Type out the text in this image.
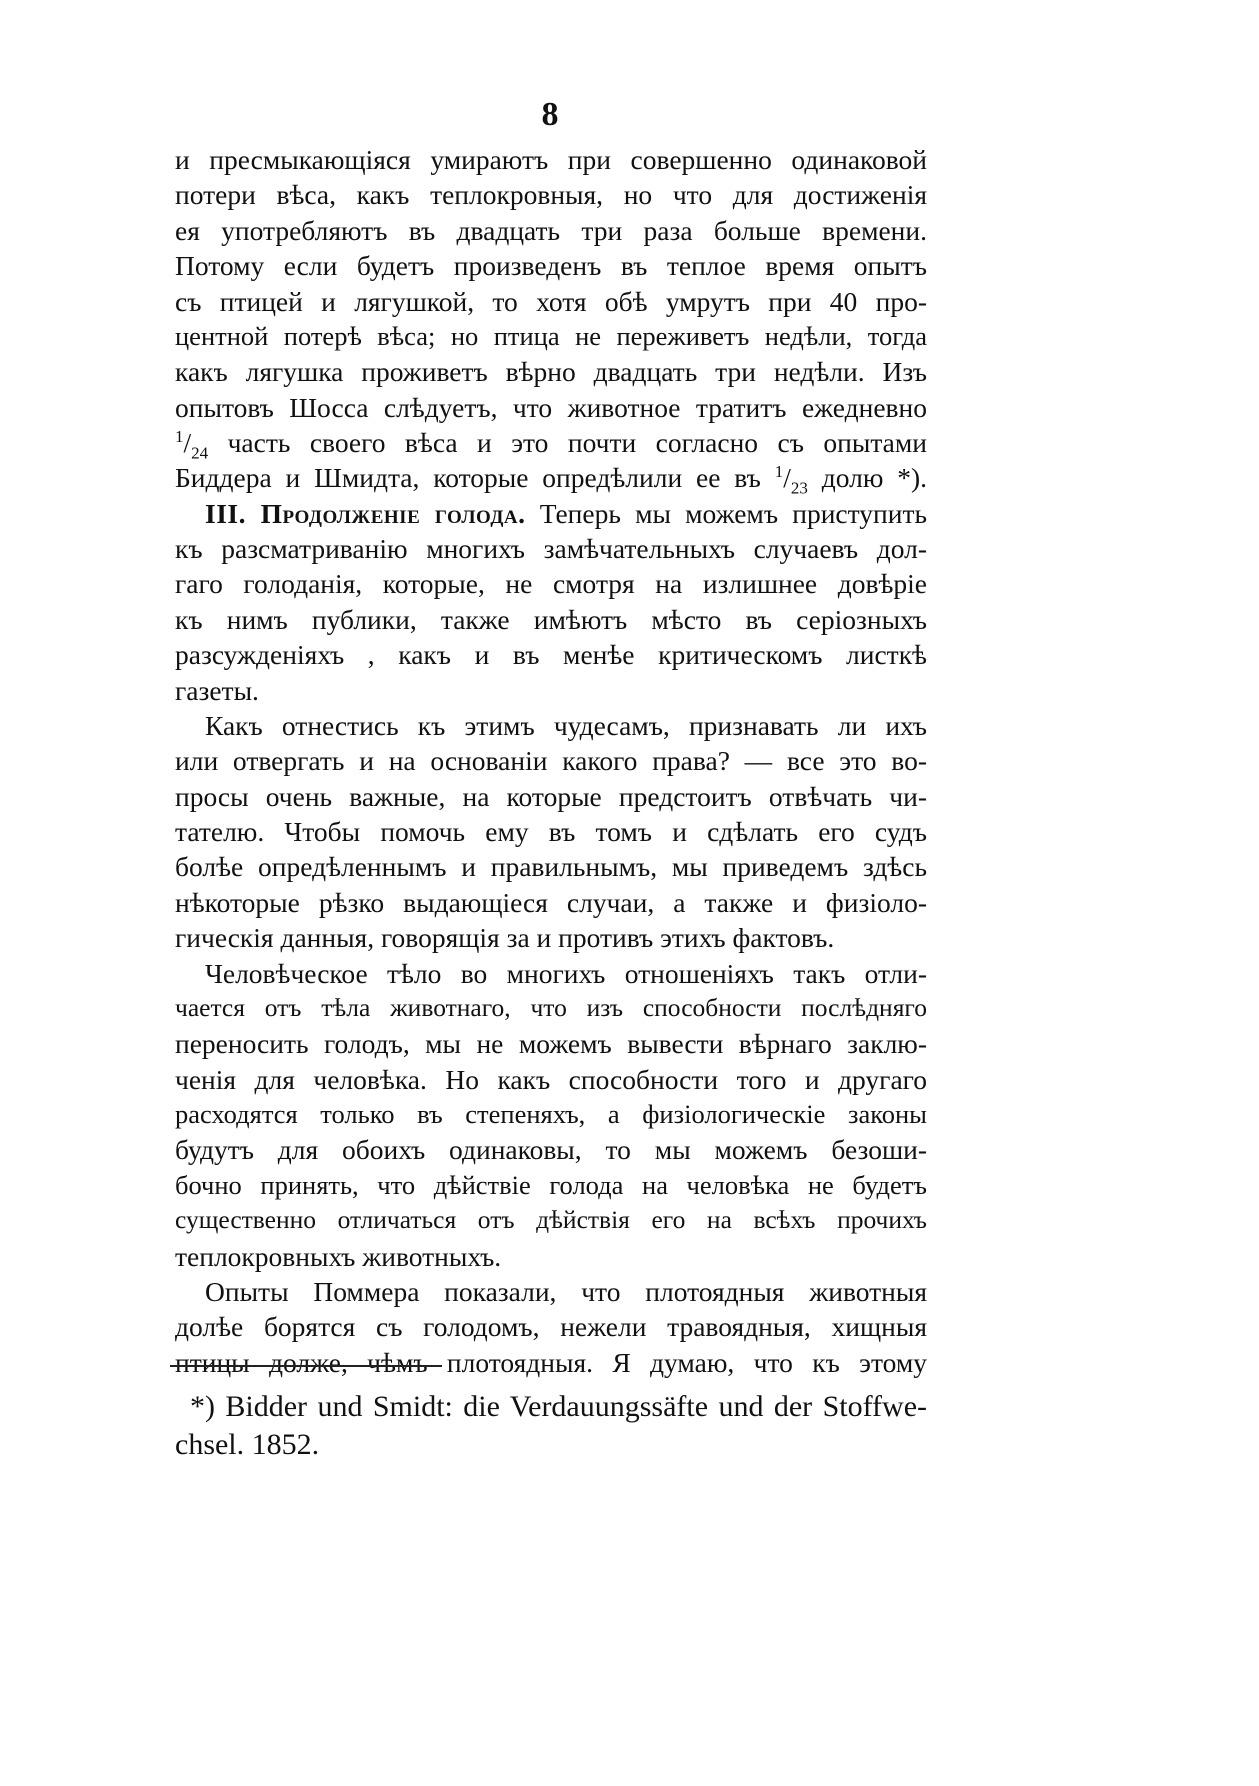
8
и пресмыкающіяся умираютъ при совершенно одинаковой
потери вѣса, какъ теплокровныя, но что для достиженія
ея употребляютъ въ двадцать три раза больше времени.
Потому если будетъ произведенъ въ теплое время опытъ
съ птицей и лягушкой, то хотя обѣ умрутъ при 40 про-
центной потерѣ вѣса; но птица не переживетъ недѣли, тогда
какъ лягушка проживетъ вѣрно двадцать три недѣли. Изъ
опытовъ Шосса слѣдуетъ, что животное тратитъ ежедневно
$^1/_{24}$ часть своего вѣса и это почти согласно съ опытами
Биддера и Шмидта, которые опредѣлили ее въ $^1/_{23}$ долю *).
III. Продолженіе голода. Теперь мы можемъ приступить
къ разсматриванію многихъ замѣчательныхъ случаевъ дол-
гаго голоданія, которые, не смотря на излишнее довѣріе
къ нимъ публики, также имѣютъ мѣсто въ серіозныхъ
разсужденіяхъ , какъ и въ менѣе критическомъ листкѣ
газеты.
Какъ отнестись къ этимъ чудесамъ, признавать ли ихъ
или отвергать и на основаніи какого права? — все это во-
просы очень важные, на которые предстоитъ отвѣчать чи-
тателю. Чтобы помочь ему въ томъ и сдѣлать его судъ
болѣе опредѣленнымъ и правильнымъ, мы приведемъ здѣсь
нѣкоторые рѣзко выдающіеся случаи, а также и физіоло-
гическія данныя, говорящія за и противъ этихъ фактовъ.
Человѣческое тѣло во многихъ отношеніяхъ такъ отли-
чается отъ тѣла животнаго, что изъ способности послѣдняго
переносить голодъ, мы не можемъ вывести вѣрнаго заклю-
ченія для человѣка. Но какъ способности того и другаго
расходятся только въ степеняхъ, а физіологическіе законы
будутъ для обоихъ одинаковы, то мы можемъ безоши-
бочно принять, что дѣйствіе голода на человѣка не будетъ
существенно отличаться отъ дѣйствія его на всѣхъ прочихъ
теплокровныхъ животныхъ.
Опыты Поммера показали, что плотоядныя животныя
долѣе борятся съ голодомъ, нежели травоядныя, хищныя
птицы долже, чѣмъ плотоядныя. Я думаю, что къ этому
*) Bidder und Smidt: die Verdauungssäfte und der Stoffwe-
chsel. 1852.
